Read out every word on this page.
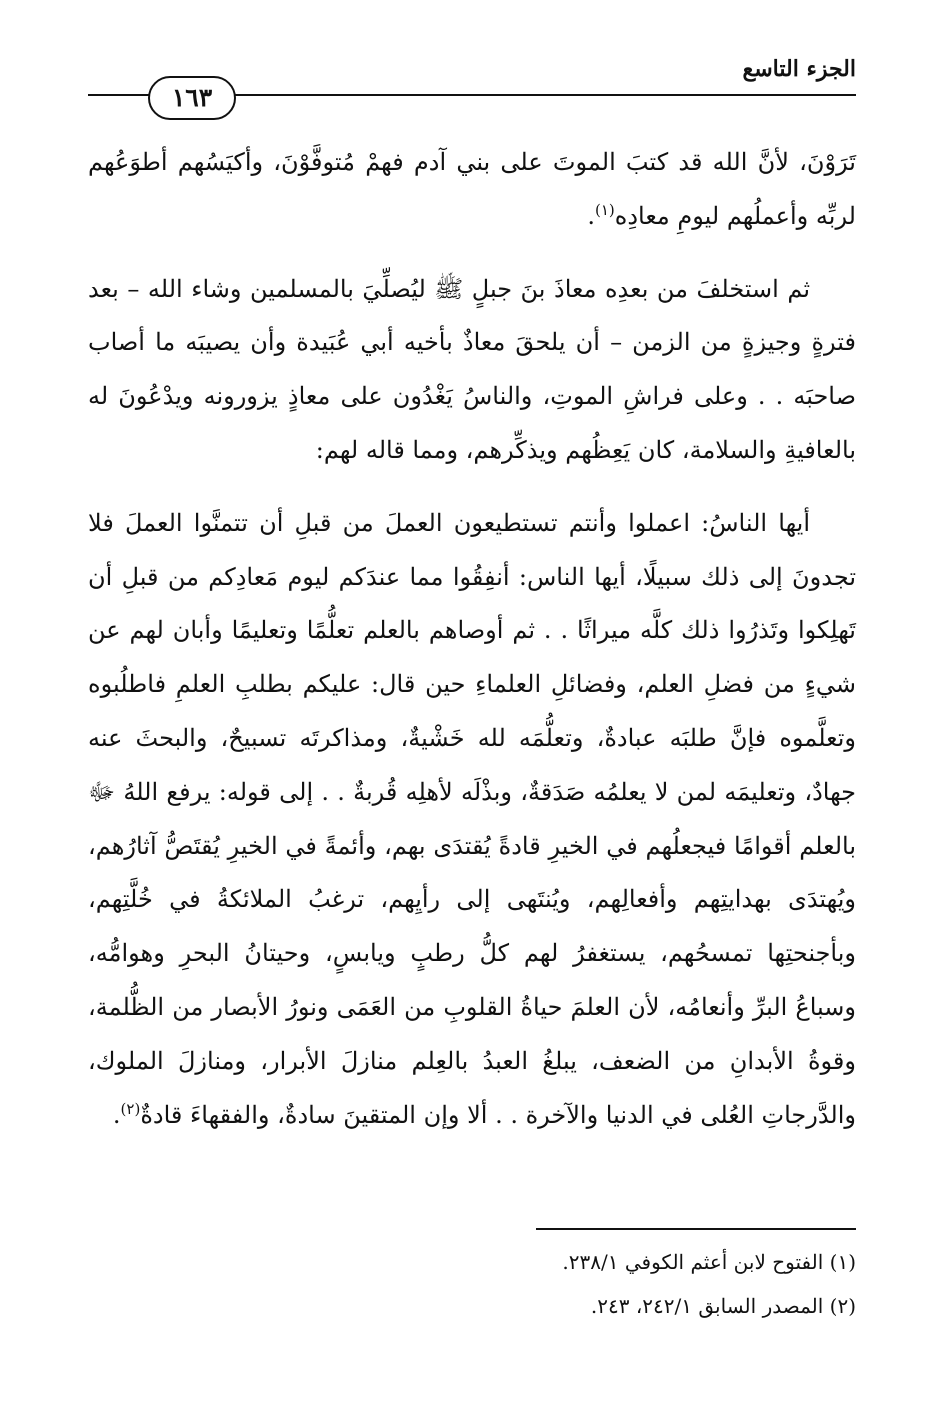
الجزء التاسع
١٦٣

تَرَوْنَ، لأنَّ الله قد كتبَ الموتَ على بني آدم فهمْ مُتوفَّوْنَ، وأكيَسُهم أطوَعُهم لربِّه وأعملُهم ليومِ معادِه$^{(١)}$.

ثم استخلفَ من بعدِه معاذَ بنَ جبلٍ ﷺ ليُصلِّيَ بالمسلمين وشاء الله – بعد فترةٍ وجيزةٍ من الزمن – أن يلحقَ معاذٌ بأخيه أبي عُبَيدة وأن يصيبَه ما أصاب صاحبَه . . وعلى فراشِ الموتِ، والناسُ يَغْدُون على معاذٍ يزورونه ويدْعُونَ له بالعافيةِ والسلامة، كان يَعِظُهم ويذكِّرهم، ومما قاله لهم:

أيها الناسُ: اعملوا وأنتم تستطيعون العملَ من قبلِ أن تتمنَّوا العملَ فلا تجدونَ إلى ذلك سبيلًا، أيها الناس: أنفِقُوا مما عندَكم ليوم مَعادِكم من قبلِ أن تَهلِكوا وتَذرُوا ذلك كلَّه ميراثًا . . ثم أوصاهم بالعلم تعلُّمًا وتعليمًا وأبان لهم عن شيءٍ من فضلِ العلم، وفضائلِ العلماءِ حين قال: عليكم بطلبِ العلمِ فاطلُبوه وتعلَّموه فإنَّ طلبَه عبادةٌ، وتعلُّمَه لله خَشْيةٌ، ومذاكرتَه تسبيحٌ، والبحثَ عنه جهادٌ، وتعليمَه لمن لا يعلمُه صَدَقةٌ، وبذْلَه لأهلِه قُربةٌ . . إلى قوله: يرفع اللهُ ﷻ بالعلم أقوامًا فيجعلُهم في الخيرِ قادةً يُقتدَى بهم، وأئمةً في الخيرِ يُقتَصُّ آثارُهم، ويُهتدَى بهدايتِهم وأفعالِهم، ويُنتَهى إلى رأيِهم، ترغبُ الملائكةُ في خُلَّتِهم، وبأجنحتِها تمسحُهم، يستغفرُ لهم كلُّ رطبٍ ويابسٍ، وحيتانُ البحرِ وهوامُّه، وسباعُ البرِّ وأنعامُه، لأن العلمَ حياةُ القلوبِ من العَمَى ونورُ الأبصار من الظُّلمة، وقوةُ الأبدانِ من الضعف، يبلغُ العبدُ بالعِلم منازلَ الأبرار، ومنازلَ الملوك، والدَّرجاتِ العُلى في الدنيا والآخرة . . ألا وإن المتقينَ سادةٌ، والفقهاءَ قادةٌ$^{(٢)}$.

(١) الفتوح لابن أعثم الكوفي ٢٣٨/١.

(٢) المصدر السابق ٢٤٢/١، ٢٤٣.
